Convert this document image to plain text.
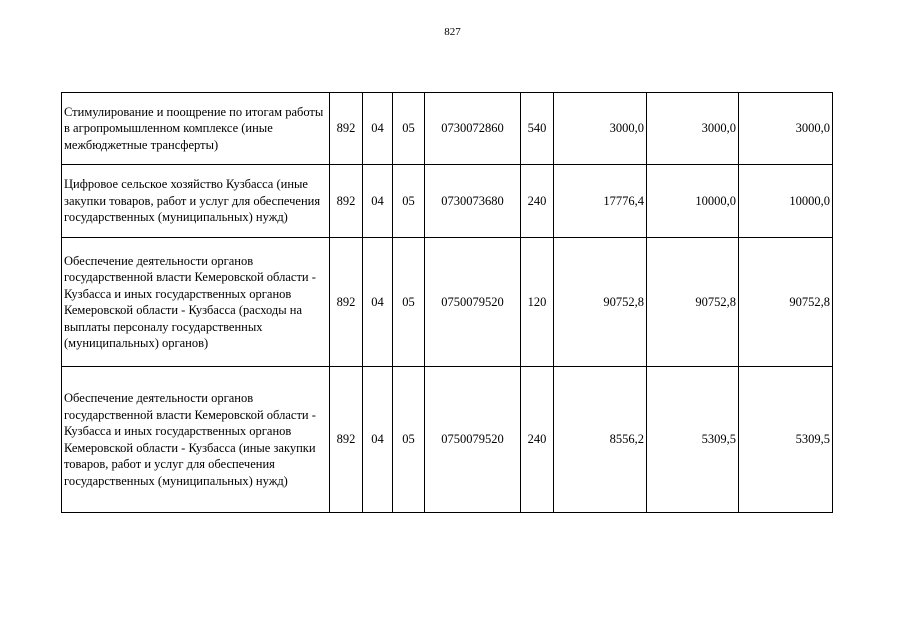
827
Стимулирование и поощрение по итогам работы в агропромышленном комплексе (иные межбюджетные трансферты)	892	04	05	0730072860	540	3000,0	3000,0	3000,0
Цифровое сельское хозяйство Кузбасса (иные закупки товаров, работ и услуг для обеспечения государственных (муниципальных) нужд)	892	04	05	0730073680	240	17776,4	10000,0	10000,0
Обеспечение деятельности органов государственной власти Кемеровской области - Кузбасса и иных государственных органов Кемеровской области - Кузбасса (расходы на выплаты персоналу государственных (муниципальных) органов)	892	04	05	0750079520	120	90752,8	90752,8	90752,8
Обеспечение деятельности органов государственной власти Кемеровской области - Кузбасса и иных государственных органов Кемеровской области - Кузбасса (иные закупки товаров, работ и услуг для обеспечения государственных (муниципальных) нужд)	892	04	05	0750079520	240	8556,2	5309,5	5309,5
